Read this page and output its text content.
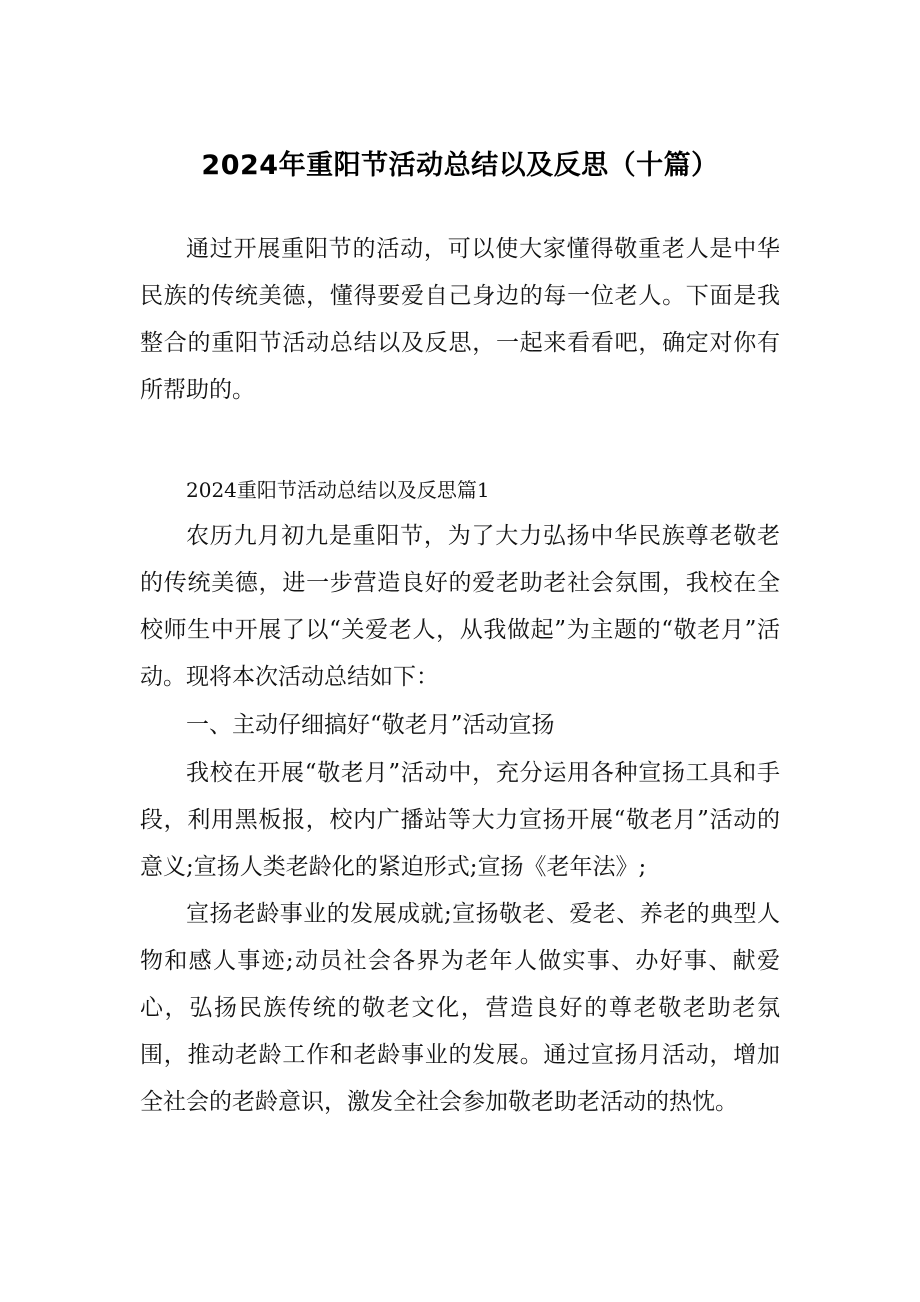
2024年重阳节活动总结以及反思（十篇）

通过开展重阳节的活动，可以使大家懂得敬重老人是中华民族的传统美德，懂得要爱自己身边的每一位老人。下面是我整合的重阳节活动总结以及反思，一起来看看吧，确定对你有所帮助的。

2024重阳节活动总结以及反思篇1

农历九月初九是重阳节，为了大力弘扬中华民族尊老敬老的传统美德，进一步营造良好的爱老助老社会氛围，我校在全校师生中开展了以“关爱老人，从我做起”为主题的“敬老月”活动。现将本次活动总结如下：

一、主动仔细搞好“敬老月”活动宣扬

我校在开展“敬老月”活动中，充分运用各种宣扬工具和手段，利用黑板报，校内广播站等大力宣扬开展“敬老月”活动的意义;宣扬人类老龄化的紧迫形式;宣扬《老年法》;

宣扬老龄事业的发展成就;宣扬敬老、爱老、养老的典型人物和感人事迹;动员社会各界为老年人做实事、办好事、献爱心，弘扬民族传统的敬老文化，营造良好的尊老敬老助老氛围，推动老龄工作和老龄事业的发展。通过宣扬月活动，增加全社会的老龄意识，激发全社会参加敬老助老活动的热忱。
